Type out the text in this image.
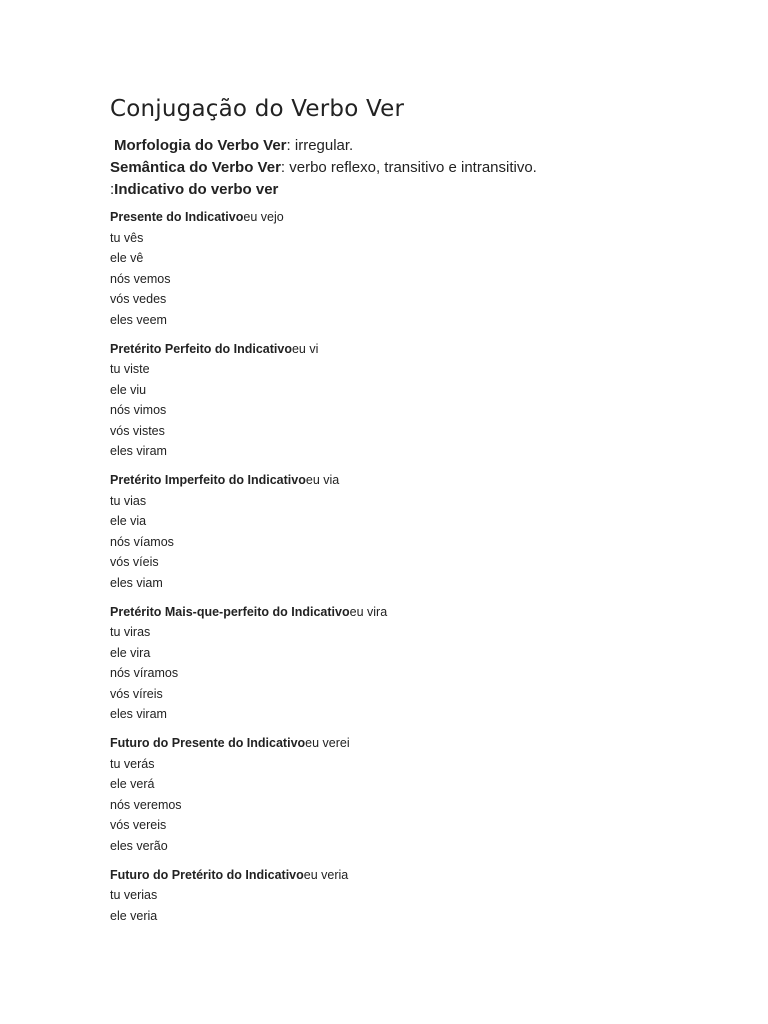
Conjugação do Verbo Ver
Morfologia do Verbo Ver: irregular.
Semântica do Verbo Ver: verbo reflexo, transitivo e intransitivo.
:Indicativo do verbo ver
Presente do Indicativoeu vejo
tu vês
ele vê
nós vemos
vós vedes
eles veem
Pretérito Perfeito do Indicativoeu vi
tu viste
ele viu
nós vimos
vós vistes
eles viram
Pretérito Imperfeito do Indicativoeu via
tu vias
ele via
nós víamos
vós víeis
eles viam
Pretérito Mais-que-perfeito do Indicativoeu vira
tu viras
ele vira
nós víramos
vós víreis
eles viram
Futuro do Presente do Indicativoeu verei
tu verás
ele verá
nós veremos
vós vereis
eles verão
Futuro do Pretérito do Indicativoeu veria
tu verias
ele veria
